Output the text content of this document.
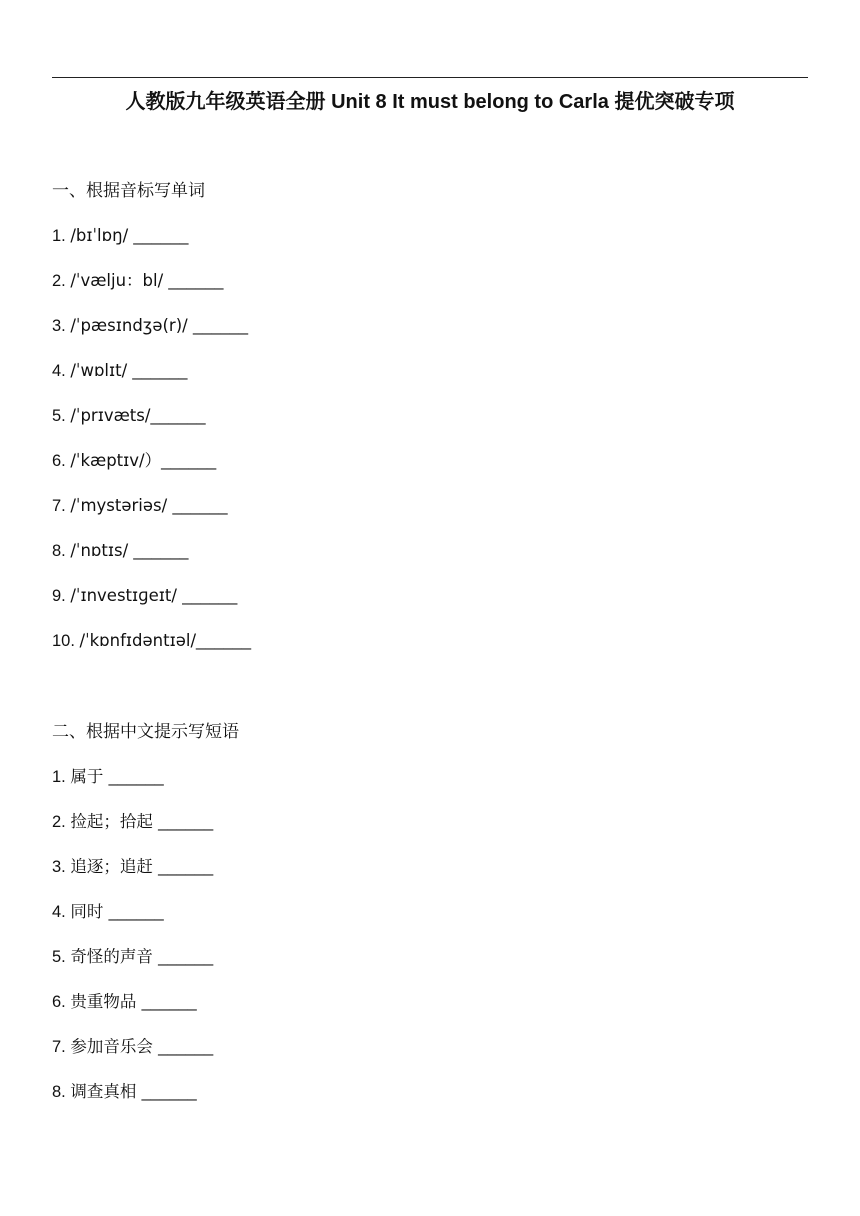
人教版九年级英语全册 Unit 8 It must belong to Carla 提优突破专项
一、根据音标写单词
1. /bɪˈlɒŋ/ ______
2. /ˈvælju：bl/ ______
3. /ˈpæsɪndʒə(r)/ ______
4. /ˈwɒlɪt/ ______
5. /ˈprɪvæts/______
6. /ˈkæptɪv/）______
7. /ˈmystəriəs/ ______
8. /ˈnɒtɪs/ ______
9. /ˈɪnvestɪɡeɪt/ ______
10. /ˈkɒnfɪdəntɪəl/______
二、根据中文提示写短语
1. 属于 ______
2. 捡起；拾起 ______
3. 追逐；追赶 ______
4. 同时 ______
5. 奇怪的声音 ______
6. 贵重物品 ______
7. 参加音乐会 ______
8. 调查真相 ______
